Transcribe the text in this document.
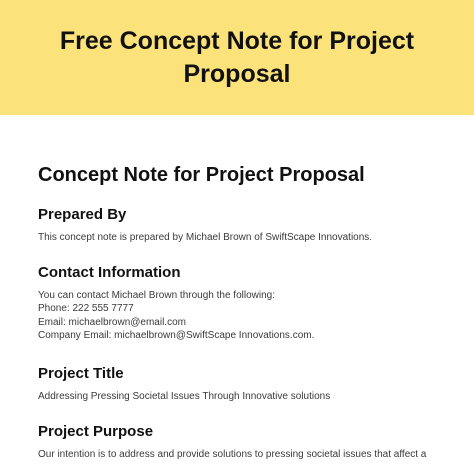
Free Concept Note for Project Proposal
Concept Note for Project Proposal
Prepared By

This concept note is prepared by Michael Brown of SwiftScape Innovations.

Contact Information

You can contact Michael Brown through the following:

Phone: 222 555 7777

Email: michaelbrown@email.com

Company Email: michaelbrown@SwiftScape Innovations.com.

Project Title

Addressing Pressing Societal Issues Through Innovative solutions

Project Purpose

Our intention is to address and provide solutions to pressing societal issues that affect a
